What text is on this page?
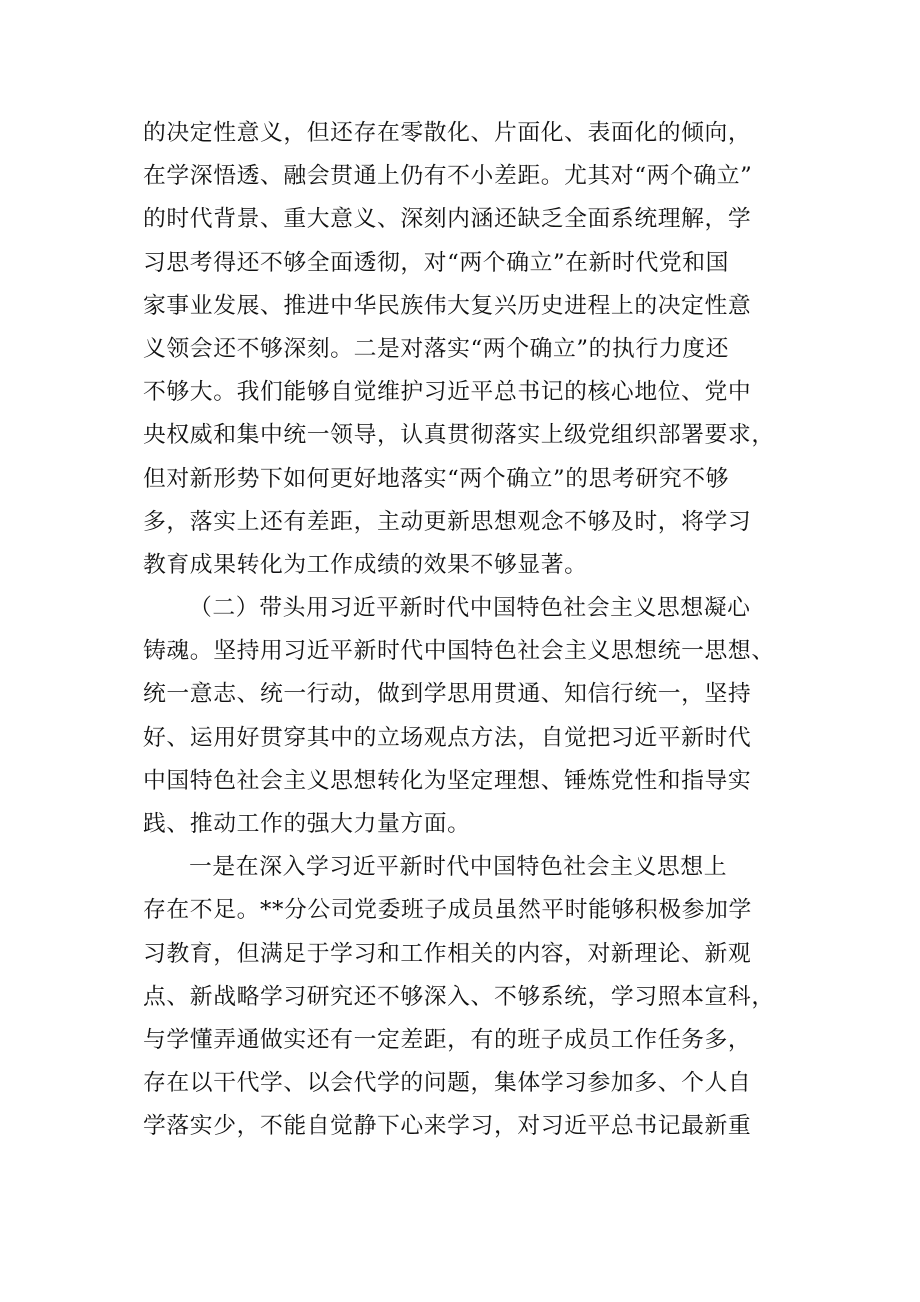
的决定性意义，但还存在零散化、片面化、表面化的倾向，
在学深悟透、融会贯通上仍有不小差距。尤其对“两个确立”
的时代背景、重大意义、深刻内涵还缺乏全面系统理解，学
习思考得还不够全面透彻，对“两个确立”在新时代党和国
家事业发展、推进中华民族伟大复兴历史进程上的决定性意
义领会还不够深刻。二是对落实“两个确立”的执行力度还
不够大。我们能够自觉维护习近平总书记的核心地位、党中
央权威和集中统一领导，认真贯彻落实上级党组织部署要求，
但对新形势下如何更好地落实“两个确立”的思考研究不够
多，落实上还有差距，主动更新思想观念不够及时，将学习
教育成果转化为工作成绩的效果不够显著。
（二）带头用习近平新时代中国特色社会主义思想凝心
铸魂。坚持用习近平新时代中国特色社会主义思想统一思想、
统一意志、统一行动，做到学思用贯通、知信行统一，坚持
好、运用好贯穿其中的立场观点方法，自觉把习近平新时代
中国特色社会主义思想转化为坚定理想、锤炼党性和指导实
践、推动工作的强大力量方面。
一是在深入学习近平新时代中国特色社会主义思想上
存在不足。**分公司党委班子成员虽然平时能够积极参加学
习教育，但满足于学习和工作相关的内容，对新理论、新观
点、新战略学习研究还不够深入、不够系统，学习照本宣科，
与学懂弄通做实还有一定差距，有的班子成员工作任务多，
存在以干代学、以会代学的问题，集体学习参加多、个人自
学落实少，不能自觉静下心来学习，对习近平总书记最新重
